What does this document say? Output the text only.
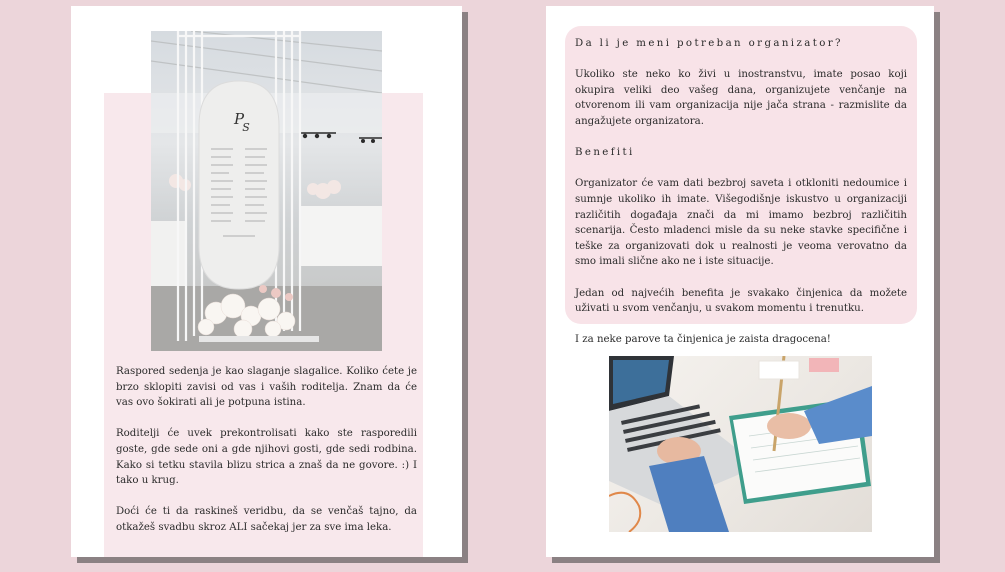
P
S

Raspored sedenja je kao slaganje slagalice. Koliko ćete je brzo sklopiti zavisi od vas i vaših roditelja. Znam da će vas ovo šokirati ali je potpuna istina.

Roditelji će uvek prekontrolisati kako ste rasporedili goste, gde sede oni a gde njihovi gosti, gde sedi rodbina. Kako si tetku stavila blizu strica a znaš da ne govore. :) I tako u krug.

Doći će ti da raskineš veridbu, da se venčaš tajno, da otkažeš svadbu skroz ALI sačekaj jer za sve ima leka.

Da li je meni potreban organizator?

Ukoliko ste neko ko živi u inostranstvu, imate posao koji okupira veliki deo vašeg dana, organizujete venčanje na otvorenom ili vam organizacija nije jača strana - razmislite da angažujete organizatora.

Benefiti

Organizator će vam dati bezbroj saveta i otkloniti nedoumice i sumnje ukoliko ih imate. Višegodišnje iskustvo u organizaciji različitih događaja znači da mi imamo bezbroj različitih scenarija. Često mladenci misle da su neke stavke specifične i teške za organizovati dok u realnosti je veoma verovatno da smo imali slične ako ne i iste situacije.

Jedan od najvećih benefita je svakako činjenica da možete uživati u svom venčanju, u svakom momentu i trenutku.

I za neke parove ta činjenica je zaista dragocena!
